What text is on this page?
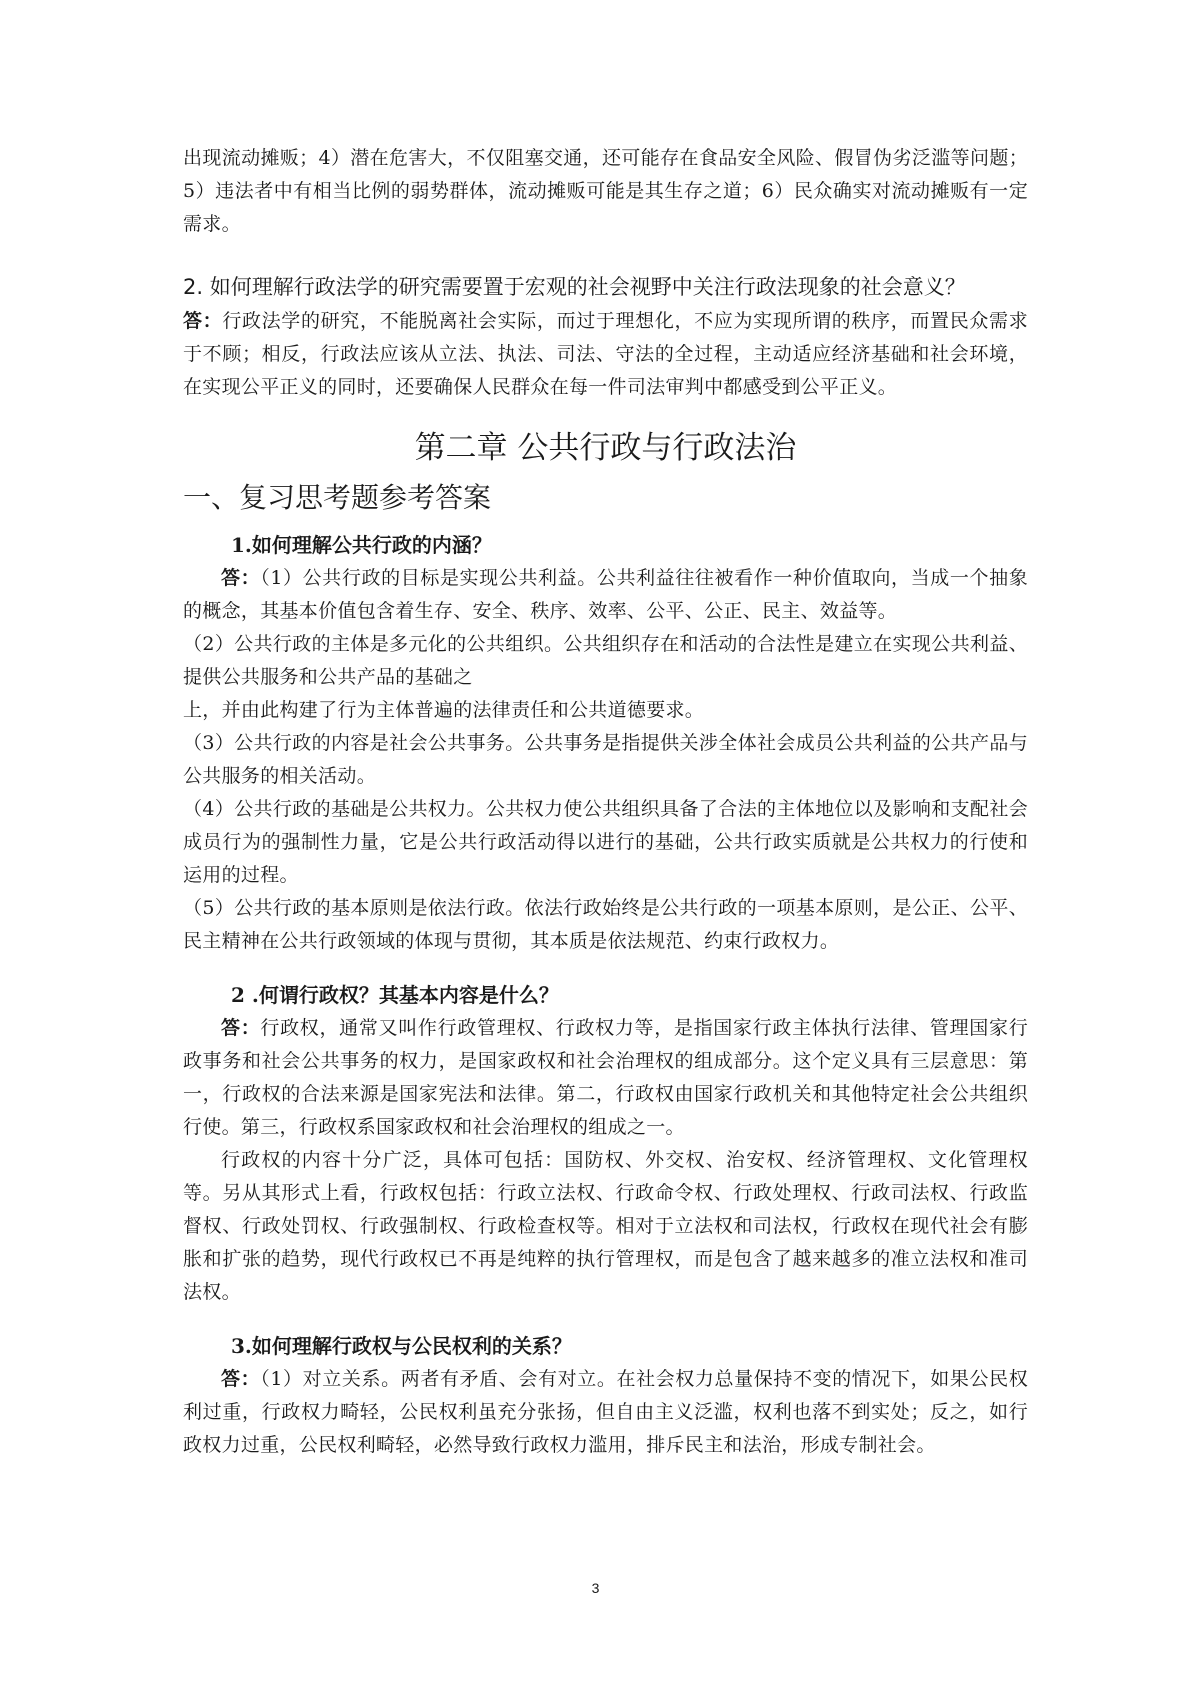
出现流动摊贩；4）潜在危害大，不仅阻塞交通，还可能存在食品安全风险、假冒伪劣泛滥等问题；5）违法者中有相当比例的弱势群体，流动摊贩可能是其生存之道；6）民众确实对流动摊贩有一定需求。

2. 如何理解行政法学的研究需要置于宏观的社会视野中关注行政法现象的社会意义？

答：行政法学的研究，不能脱离社会实际，而过于理想化，不应为实现所谓的秩序，而置民众需求于不顾；相反，行政法应该从立法、执法、司法、守法的全过程，主动适应经济基础和社会环境，在实现公平正义的同时，还要确保人民群众在每一件司法审判中都感受到公平正义。

第二章 公共行政与行政法治
一、复习思考题参考答案
1.如何理解公共行政的内涵？

答：（1）公共行政的目标是实现公共利益。公共利益往往被看作一种价值取向，当成一个抽象的概念，其基本价值包含着生存、安全、秩序、效率、公平、公正、民主、效益等。

（2）公共行政的主体是多元化的公共组织。公共组织存在和活动的合法性是建立在实现公共利益、提供公共服务和公共产品的基础之

上，并由此构建了行为主体普遍的法律责任和公共道德要求。

（3）公共行政的内容是社会公共事务。公共事务是指提供关涉全体社会成员公共利益的公共产品与公共服务的相关活动。

（4）公共行政的基础是公共权力。公共权力使公共组织具备了合法的主体地位以及影响和支配社会成员行为的强制性力量，它是公共行政活动得以进行的基础，公共行政实质就是公共权力的行使和运用的过程。

（5）公共行政的基本原则是依法行政。依法行政始终是公共行政的一项基本原则，是公正、公平、民主精神在公共行政领域的体现与贯彻，其本质是依法规范、约束行政权力。

2 .何谓行政权？其基本内容是什么？

答：行政权，通常又叫作行政管理权、行政权力等，是指国家行政主体执行法律、管理国家行政事务和社会公共事务的权力，是国家政权和社会治理权的组成部分。这个定义具有三层意思：第一，行政权的合法来源是国家宪法和法律。第二，行政权由国家行政机关和其他特定社会公共组织行使。第三，行政权系国家政权和社会治理权的组成之一。

行政权的内容十分广泛，具体可包括：国防权、外交权、治安权、经济管理权、文化管理权等。另从其形式上看，行政权包括：行政立法权、行政命令权、行政处理权、行政司法权、行政监督权、行政处罚权、行政强制权、行政检查权等。相对于立法权和司法权，行政权在现代社会有膨胀和扩张的趋势，现代行政权已不再是纯粹的执行管理权，而是包含了越来越多的准立法权和准司法权。

3.如何理解行政权与公民权利的关系？

答：（1）对立关系。两者有矛盾、会有对立。在社会权力总量保持不变的情况下，如果公民权利过重，行政权力畸轻，公民权利虽充分张扬，但自由主义泛滥，权利也落不到实处；反之，如行政权力过重，公民权利畸轻，必然导致行政权力滥用，排斥民主和法治，形成专制社会。

3
